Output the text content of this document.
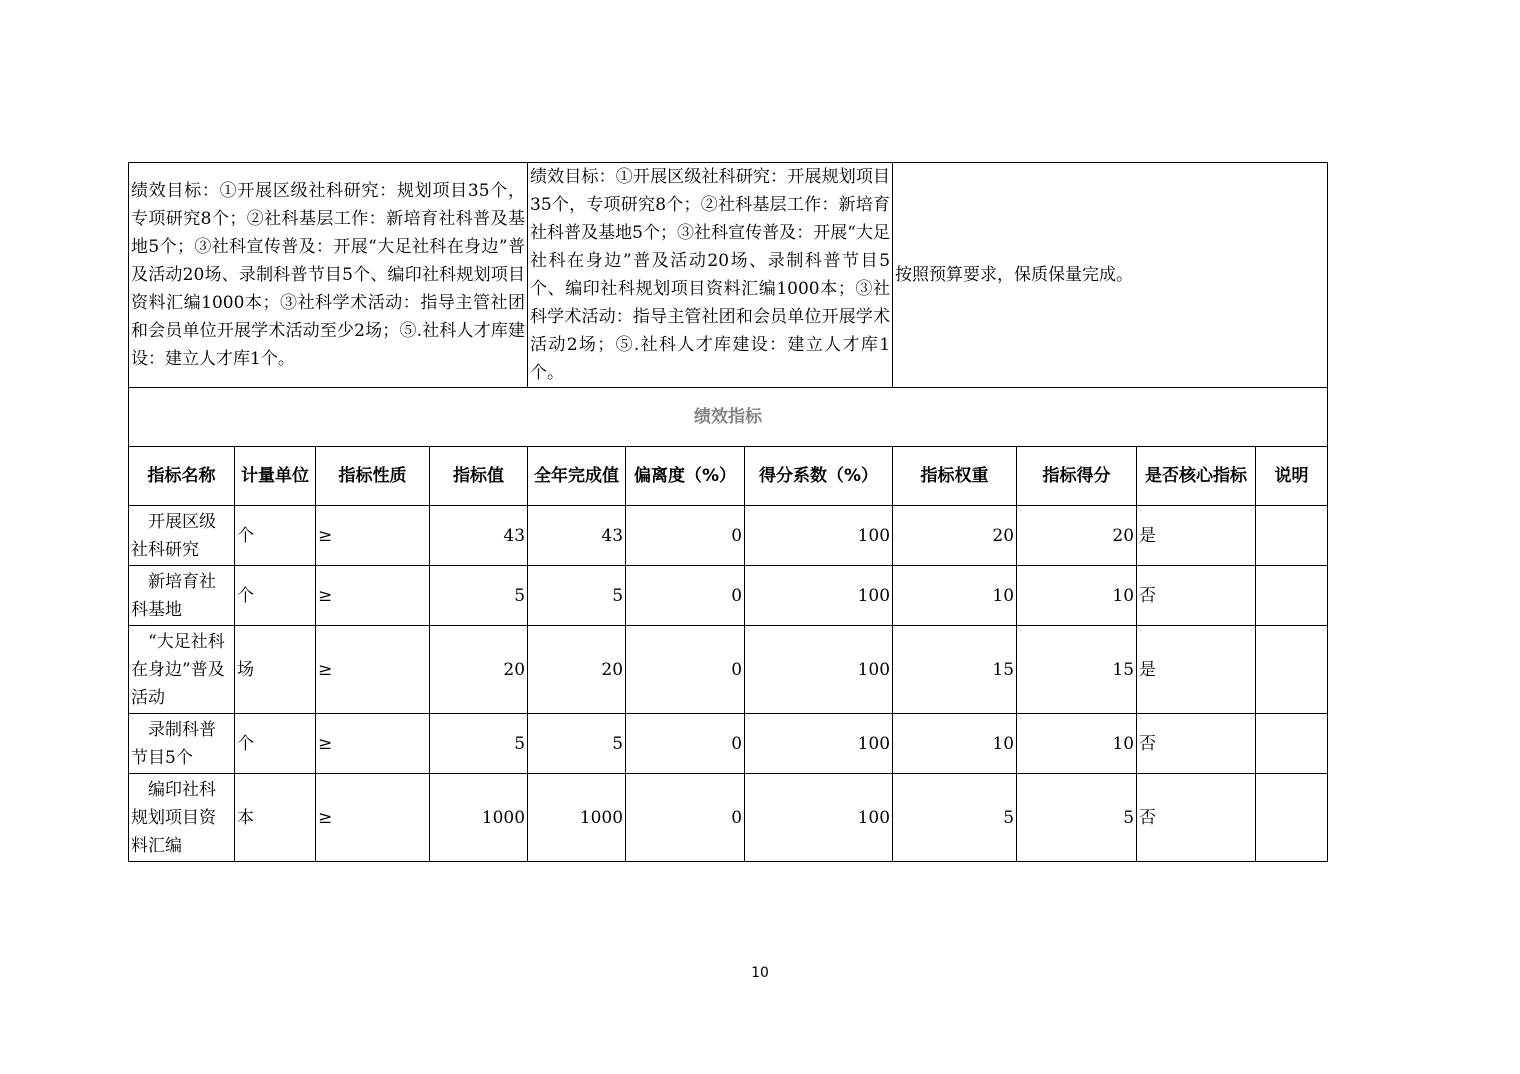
绩效目标：①开展区级社科研究：规划项目35个，专项研究8个；②社科基层工作：新培育社科普及基地5个；③社科宣传普及：开展“大足社科在身边”普及活动20场、录制科普节目5个、编印社科规划项目资料汇编1000本；③社科学术活动：指导主管社团和会员单位开展学术活动至少2场；⑤.社科人才库建设：建立人才库1个。				绩效目标：①开展区级社科研究：开展规划项目35个，专项研究8个；②社科基层工作：新培育社科普及基地5个；③社科宣传普及：开展“大足社科在身边”普及活动20场、录制科普节目5个、编印社科规划项目资料汇编1000本；③社科学术活动：指导主管社团和会员单位开展学术活动2场；⑤.社科人才库建设：建立人才库1个。			按照预算要求，保质保量完成。			
绩效指标										
指标名称	计量单位	指标性质	指标值	全年完成值	偏离度（%）	得分系数（%）	指标权重	指标得分	是否核心指标	说明

开展区级社科研究	个	≥	43	43	0	100	20	20	是	

新培育社科基地	个	≥	5	5	0	100	10	10	否	

“大足社科在身边”普及活动	场	≥	20	20	0	100	15	15	是	

录制科普节目5个	个	≥	5	5	0	100	10	10	否	

编印社科规划项目资料汇编	本	≥	1000	1000	0	100	5	5	否	
10
